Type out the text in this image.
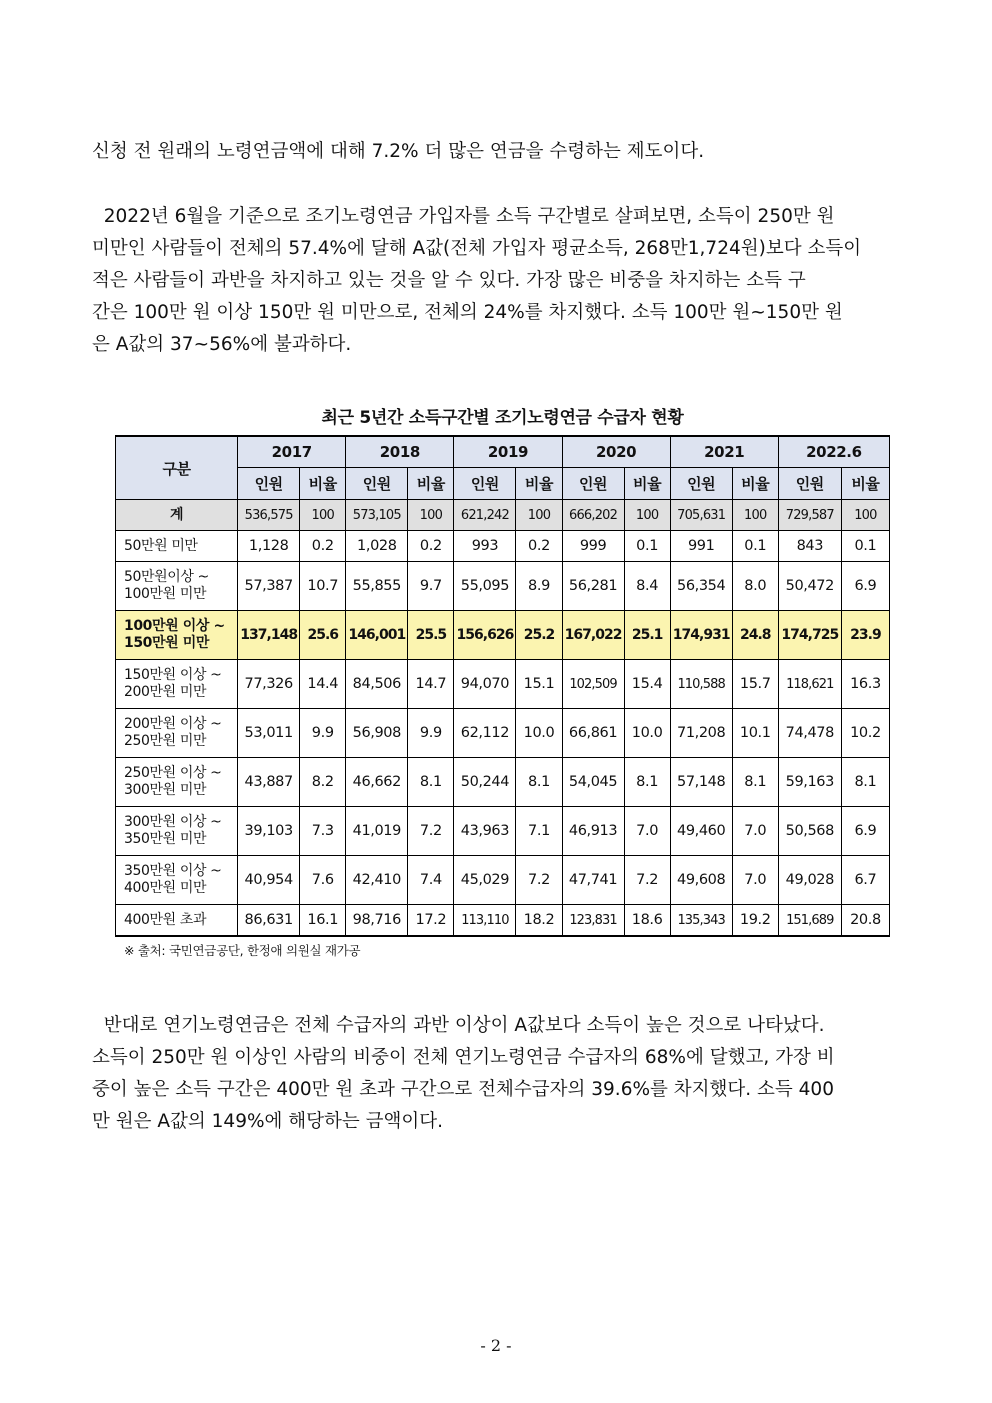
신청 전 원래의 노령연금액에 대해 7.2% 더 많은 연금을 수령하는 제도이다.
2022년 6월을 기준으로 조기노령연금 가입자를 소득 구간별로 살펴보면, 소득이 250만 원
미만인 사람들이 전체의 57.4%에 달해 A값(전체 가입자 평균소득, 268만1,724원)보다 소득이
적은 사람들이 과반을 차지하고 있는 것을 알 수 있다. 가장 많은 비중을 차지하는 소득 구
간은 100만 원 이상 150만 원 미만으로, 전체의 24%를 차지했다. 소득 100만 원~150만 원
은 A값의 37~56%에 불과하다.
최근 5년간 소득구간별 조기노령연금 수급자 현황
구분	2017		2018		2019		2020		2021		2022.6	
	인원	비율	인원	비율	인원	비율	인원	비율	인원	비율	인원	비율

계	536,575	100	573,105	100	621,242	100	666,202	100	705,631	100	729,587	100

50만원 미만	1,128	0.2	1,028	0.2	993	0.2	999	0.1	991	0.1	843	0.1

50만원이상 ~
100만원 미만	57,387	10.7	55,855	9.7	55,095	8.9	56,281	8.4	56,354	8.0	50,472	6.9

100만원 이상 ~
150만원 미만	137,148	25.6	146,001	25.5	156,626	25.2	167,022	25.1	174,931	24.8	174,725	23.9

150만원 이상 ~
200만원 미만	77,326	14.4	84,506	14.7	94,070	15.1	102,509	15.4	110,588	15.7	118,621	16.3

200만원 이상 ~
250만원 미만	53,011	9.9	56,908	9.9	62,112	10.0	66,861	10.0	71,208	10.1	74,478	10.2

250만원 이상 ~
300만원 미만	43,887	8.2	46,662	8.1	50,244	8.1	54,045	8.1	57,148	8.1	59,163	8.1

300만원 이상 ~
350만원 미만	39,103	7.3	41,019	7.2	43,963	7.1	46,913	7.0	49,460	7.0	50,568	6.9

350만원 이상 ~
400만원 미만	40,954	7.6	42,410	7.4	45,029	7.2	47,741	7.2	49,608	7.0	49,028	6.7

400만원 초과	86,631	16.1	98,716	17.2	113,110	18.2	123,831	18.6	135,343	19.2	151,689	20.8
※ 출처: 국민연금공단, 한정애 의원실 재가공
반대로 연기노령연금은 전체 수급자의 과반 이상이 A값보다 소득이 높은 것으로 나타났다.
소득이 250만 원 이상인 사람의 비중이 전체 연기노령연금 수급자의 68%에 달했고, 가장 비
중이 높은 소득 구간은 400만 원 초과 구간으로 전체수급자의 39.6%를 차지했다. 소득 400
만 원은 A값의 149%에 해당하는 금액이다.
- 2 -
